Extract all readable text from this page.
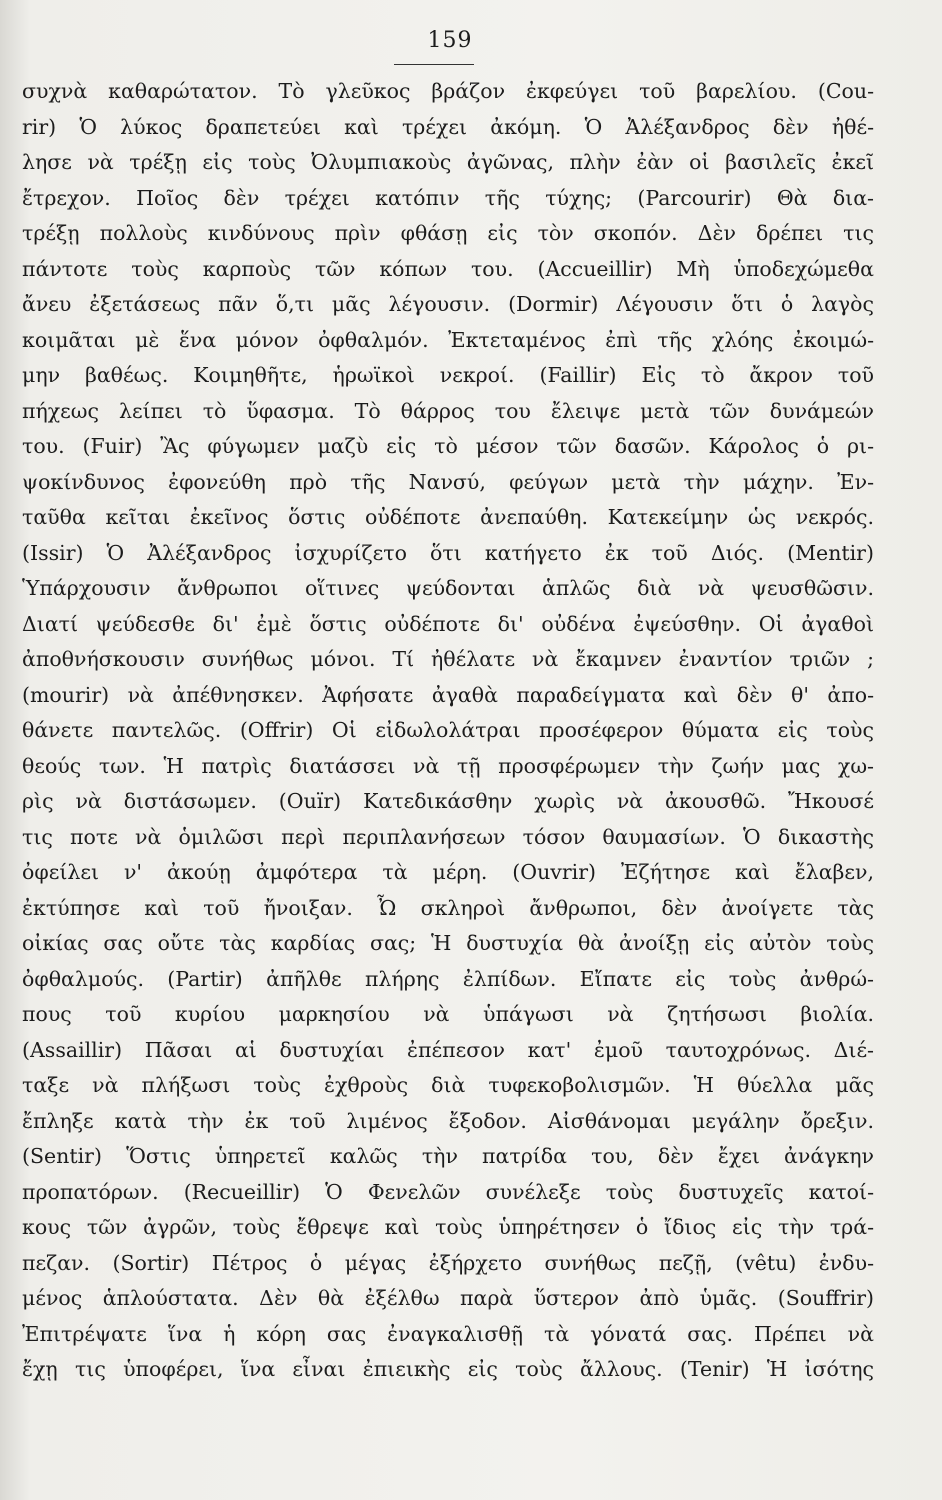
159
συχνὰ καθαρώτατον. Τὸ γλεῦκος βράζον ἐκφεύγει τοῦ βαρελίου. (Cou-
rir) Ὁ λύκος δραπετεύει καὶ τρέχει ἀκόμη. Ὁ Ἀλέξανδρος δὲν ἠθέ-
λησε νὰ τρέξῃ εἰς τοὺς Ὀλυμπιακοὺς ἀγῶνας, πλὴν ἐὰν οἱ βασιλεῖς ἐκεῖ
ἔτρεχον. Ποῖος δὲν τρέχει κατόπιν τῆς τύχης; (Parcourir) Θὰ δια-
τρέξῃ πολλοὺς κινδύνους πρὶν φθάσῃ εἰς τὸν σκοπόν. Δὲν δρέπει τις
πάντοτε τοὺς καρποὺς τῶν κόπων του. (Accueillir) Μὴ ὑποδεχώμεθα
ἄνευ ἐξετάσεως πᾶν ὅ,τι μᾶς λέγουσιν. (Dormir) Λέγουσιν ὅτι ὁ λαγὸς
κοιμᾶται μὲ ἕνα μόνον ὀφθαλμόν. Ἐκτεταμένος ἐπὶ τῆς χλόης ἐκοιμώ-
μην βαθέως. Κοιμηθῆτε, ἡρωϊκοὶ νεκροί. (Faillir) Εἰς τὸ ἄκρον τοῦ
πήχεως λείπει τὸ ὕφασμα. Τὸ θάρρος του ἔλειψε μετὰ τῶν δυνάμεών
του. (Fuir) Ἂς φύγωμεν μαζὺ εἰς τὸ μέσον τῶν δασῶν. Κάρολος ὁ ρι-
ψοκίνδυνος ἐφονεύθη πρὸ τῆς Νανσύ, φεύγων μετὰ τὴν μάχην. Ἐν-
ταῦθα κεῖται ἐκεῖνος ὅστις οὐδέποτε ἀνεπαύθη. Κατεκείμην ὡς νεκρός.
(Issir) Ὁ Ἀλέξανδρος ἰσχυρίζετο ὅτι κατήγετο ἐκ τοῦ Διός. (Mentir)
Ὑπάρχουσιν ἄνθρωποι οἵτινες ψεύδονται ἁπλῶς διὰ νὰ ψευσθῶσιν.
Διατί ψεύδεσθε δι' ἐμὲ ὅστις οὐδέποτε δι' οὐδένα ἐψεύσθην. Οἱ ἀγαθοὶ
ἀποθνήσκουσιν συνήθως μόνοι. Τί ἠθέλατε νὰ ἔκαμνεν ἐναντίον τριῶν ;
(mourir) νὰ ἀπέθνησκεν. Ἀφήσατε ἀγαθὰ παραδείγματα καὶ δὲν θ' ἀπο-
θάνετε παντελῶς. (Offrir) Οἱ εἰδωλολάτραι προσέφερον θύματα εἰς τοὺς
θεούς των. Ἡ πατρὶς διατάσσει νὰ τῇ προσφέρωμεν τὴν ζωήν μας χω-
ρὶς νὰ διστάσωμεν. (Ouïr) Κατεδικάσθην χωρὶς νὰ ἀκουσθῶ. Ἤκουσέ
τις ποτε νὰ ὁμιλῶσι περὶ περιπλανήσεων τόσον θαυμασίων. Ὁ δικαστὴς
ὀφείλει ν' ἀκούῃ ἀμφότερα τὰ μέρη. (Ouvrir) Ἐζήτησε καὶ ἔλαβεν,
ἐκτύπησε καὶ τοῦ ἤνοιξαν. Ὦ σκληροὶ ἄνθρωποι, δὲν ἀνοίγετε τὰς
οἰκίας σας οὔτε τὰς καρδίας σας; Ἡ δυστυχία θὰ ἀνοίξῃ εἰς αὐτὸν τοὺς
ὀφθαλμούς. (Partir) ἀπῆλθε πλήρης ἐλπίδων. Εἴπατε εἰς τοὺς ἀνθρώ-
πους τοῦ κυρίου μαρκησίου νὰ ὑπάγωσι νὰ ζητήσωσι βιολία.
(Assaillir) Πᾶσαι αἱ δυστυχίαι ἐπέπεσον κατ' ἐμοῦ ταυτοχρόνως. Διέ-
ταξε νὰ πλήξωσι τοὺς ἐχθροὺς διὰ τυφεκοβολισμῶν. Ἡ θύελλα μᾶς
ἔπληξε κατὰ τὴν ἐκ τοῦ λιμένος ἔξοδον. Αἰσθάνομαι μεγάλην ὄρεξιν.
(Sentir) Ὅστις ὑπηρετεῖ καλῶς τὴν πατρίδα του, δὲν ἔχει ἀνάγκην
προπατόρων. (Recueillir) Ὁ Φενελῶν συνέλεξε τοὺς δυστυχεῖς κατοί-
κους τῶν ἀγρῶν, τοὺς ἔθρεψε καὶ τοὺς ὑπηρέτησεν ὁ ἴδιος εἰς τὴν τρά-
πεζαν. (Sortir) Πέτρος ὁ μέγας ἐξήρχετο συνήθως πεζῇ, (vêtu) ἐνδυ-
μένος ἁπλούστατα. Δὲν θὰ ἐξέλθω παρὰ ὕστερον ἀπὸ ὑμᾶς. (Souffrir)
Ἐπιτρέψατε ἵνα ἡ κόρη σας ἐναγκαλισθῇ τὰ γόνατά σας. Πρέπει νὰ
ἔχῃ τις ὑποφέρει, ἵνα εἶναι ἐπιεικὴς εἰς τοὺς ἄλλους. (Tenir) Ἡ ἰσότης
